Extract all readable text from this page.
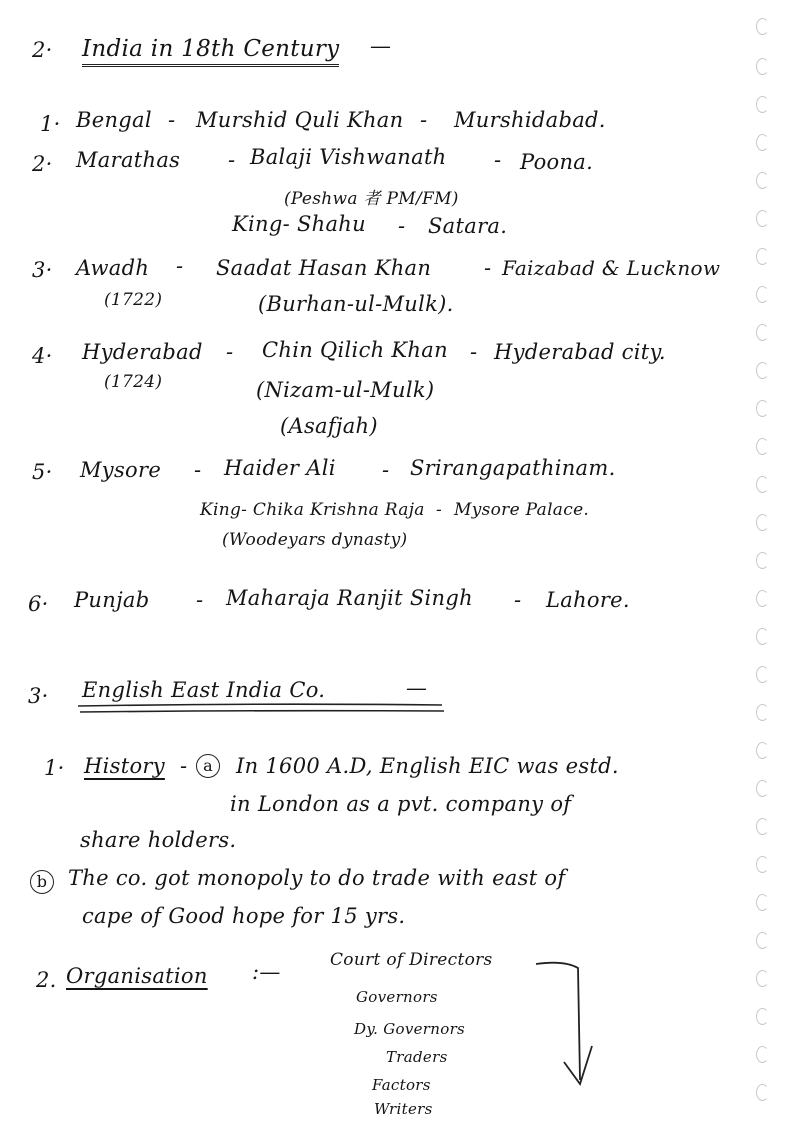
2· India in 18th Century —
1· Bengal - Murshid Quli Khan - Murshidabad.
2· Marathas - Balaji Vishwanath - Poona.
(Peshwa 者 PM/FM)
King- Shahu - Satara.
3· Awadh -
(1722)
Saadat Hasan Khan	- Faizabad & Lucknow
(Burhan-ul-Mulk).
4· Hyderabad -
(1724)
Chin Qilich Khan - Hyderabad city.
(Nizam-ul-Mulk)
(Asafjah)
5· Mysore - Haider Ali - Srirangapathinam.
King- Chika Krishna Raja - Mysore Palace.
(Woodeyars dynasty)
6· Punjab - Maharaja Ranjit Singh - Lahore.
3· English East India Co.	—
1· History - a	In 1600 A.D, English EIC was estd.
in London as a pvt. company of
share holders.
b The co. got monopoly to do trade with east of
cape of Good hope for 15 yrs.
2. Organisation :—	Court of Directors
Governors
Dy. Governors
Traders
Factors
Writers
